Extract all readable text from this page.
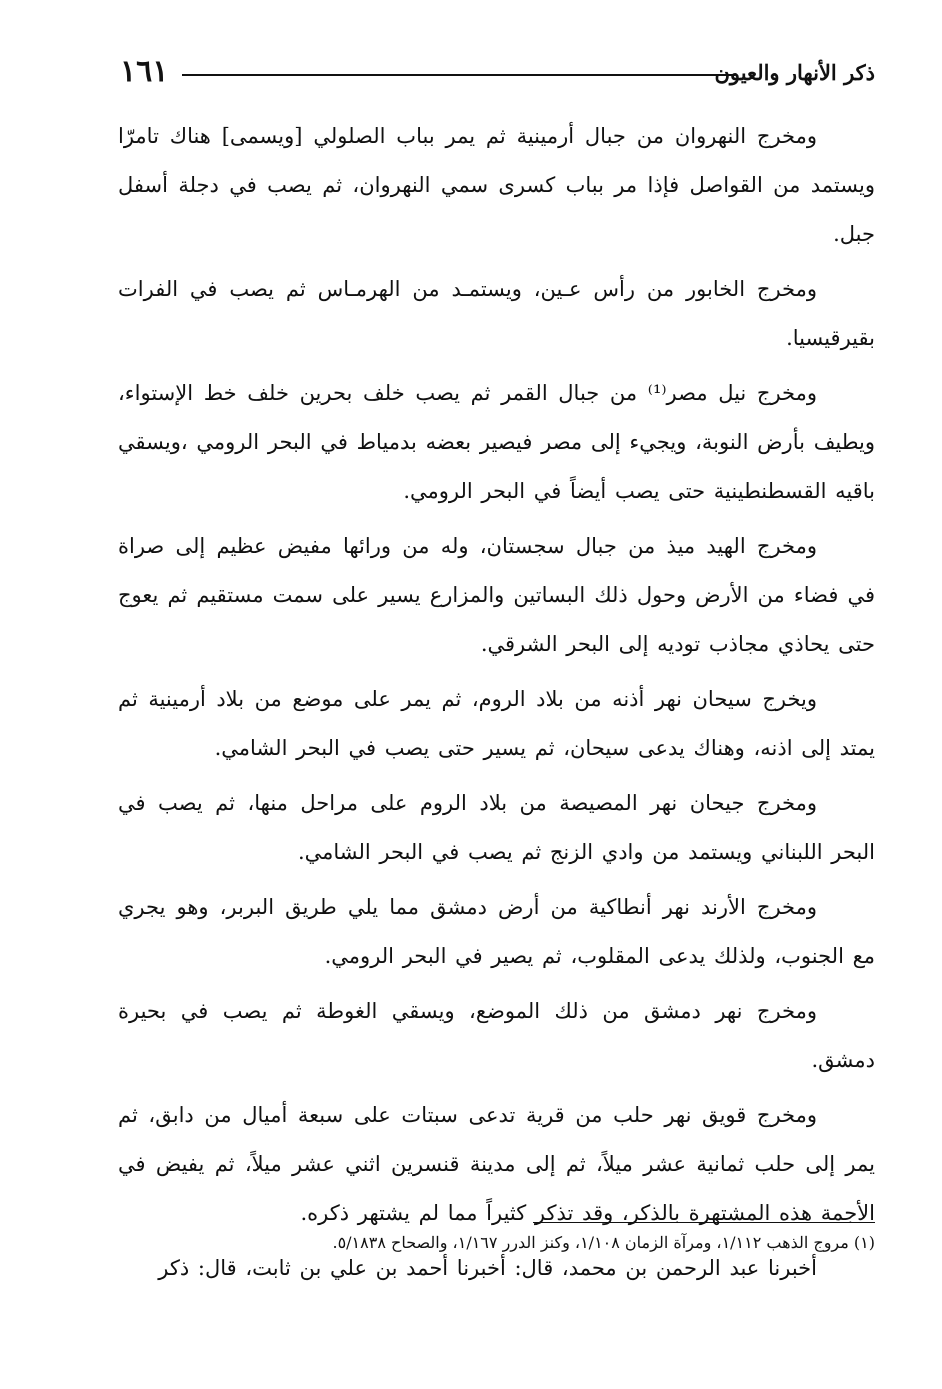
١٦١	ذكر الأنهار والعيون

ومخرج النهروان من جبال أرمينية ثم يمر بباب الصلولي [ويسمى] هناك تامرّا ويستمد من القواصل فإذا مر بباب كسرى سمي النهروان، ثم يصب في دجلة أسفل جبل.

ومخرج الخابور من رأس عـين، ويستمـد من الهرمـاس ثم يصب في الفرات بقيرقيسيا.

ومخرج نيل مصر⁽¹⁾ من جبال القمر ثم يصب خلف بحرين خلف خط الإستواء، ويطيف بأرض النوبة، ويجيء إلى مصر فيصير بعضه بدمياط في البحر الرومي ،ويسقي باقيه القسطنطينية حتى يصب أيضاً في البحر الرومي.

ومخرج الهيد ميذ من جبال سجستان، وله من ورائها مفيض عظيم إلى صراة في فضاء من الأرض وحول ذلك البساتين والمزارع يسير على سمت مستقيم ثم يعوج حتى يحاذي مجاذب توديه إلى البحر الشرقي.

ويخرج سيحان نهر أذنه من بلاد الروم، ثم يمر على موضع من بلاد أرمينية ثم يمتد إلى اذنه، وهناك يدعى سيحان، ثم يسير حتى يصب في البحر الشامي.

ومخرج جيحان نهر المصيصة من بلاد الروم على مراحل منها، ثم يصب في البحر اللبناني ويستمد من وادي الزنج ثم يصب في البحر الشامي.

ومخرج الأرند نهر أنطاكية من أرض دمشق مما يلي طريق البربر، وهو يجري مع الجنوب، ولذلك يدعى المقلوب، ثم يصير في البحر الرومي.

ومخرج نهر دمشق من ذلك الموضع، ويسقي الغوطة ثم يصب في بحيرة دمشق.

ومخرج قويق نهر حلب من قرية تدعى سبتات على سبعة أميال من دابق، ثم يمر إلى حلب ثمانية عشر ميلاً، ثم إلى مدينة قنسرين اثني عشر ميلاً، ثم يفيض في الأجمة هذه المشتهرة بالذكر، وقد تذكر كثيراً مما لم يشتهر ذكره.

أخبرنا عبد الرحمن بن محمد، قال: أخبرنا أحمد بن علي بن ثابت، قال: ذكر

(١) مروج الذهب ١/١١٢، ومرآة الزمان ١/١٠٨، وكنز الدرر ١/١٦٧، والصحاح ٥/١٨٣٨.
